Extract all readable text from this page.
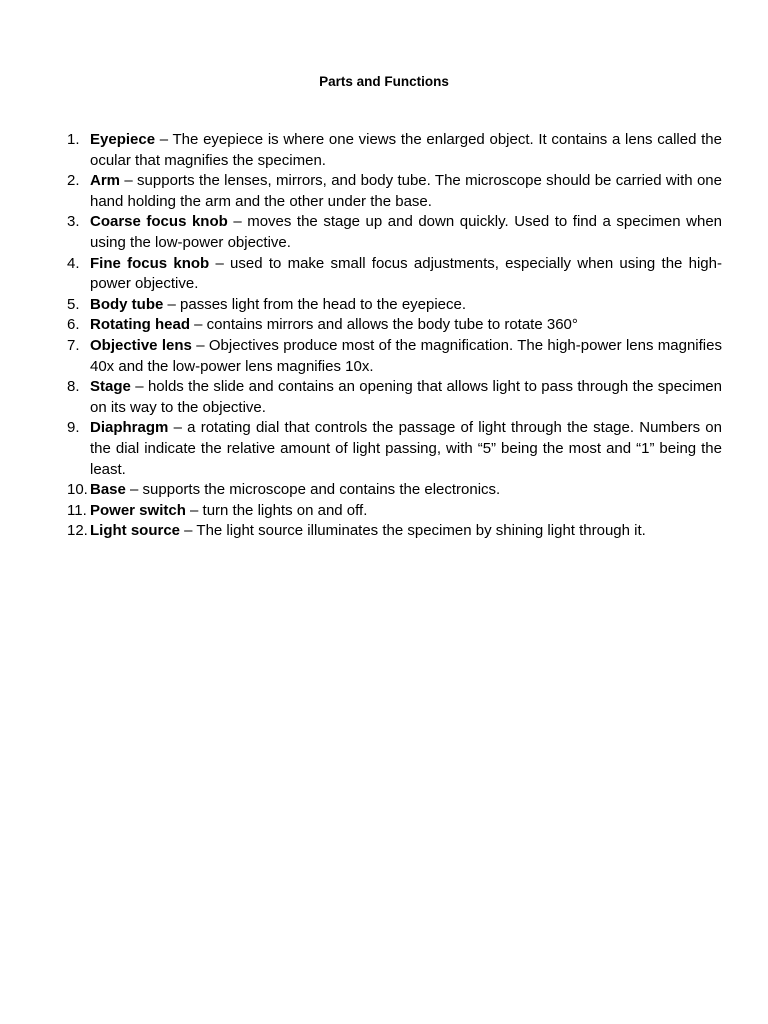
Parts and Functions
1. Eyepiece – The eyepiece is where one views the enlarged object. It contains a lens called the ocular that magnifies the specimen.
2. Arm – supports the lenses, mirrors, and body tube. The microscope should be carried with one hand holding the arm and the other under the base.
3. Coarse focus knob – moves the stage up and down quickly. Used to find a specimen when using the low-power objective.
4. Fine focus knob – used to make small focus adjustments, especially when using the high-power objective.
5. Body tube – passes light from the head to the eyepiece.
6. Rotating head – contains mirrors and allows the body tube to rotate 360°
7. Objective lens – Objectives produce most of the magnification. The high-power lens magnifies 40x and the low-power lens magnifies 10x.
8. Stage – holds the slide and contains an opening that allows light to pass through the specimen on its way to the objective.
9. Diaphragm – a rotating dial that controls the passage of light through the stage. Numbers on the dial indicate the relative amount of light passing, with “5” being the most and “1” being the least.
10. Base – supports the microscope and contains the electronics.
11. Power switch – turn the lights on and off.
12. Light source – The light source illuminates the specimen by shining light through it.
